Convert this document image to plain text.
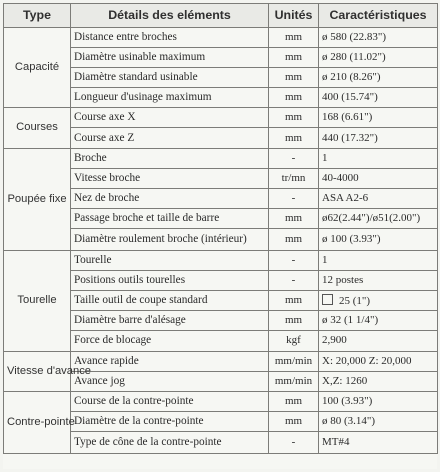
Type	Détails des eléments	Unités	Caractéristiques
Capacité	Distance entre broches	mm	ø 580 (22.83")
	Diamètre usinable maximum	mm	ø 280 (11.02")
	Diamètre standard usinable	mm	ø 210 (8.26")
	Longueur d'usinage maximum	mm	400 (15.74")
Courses	Course axe X	mm	168 (6.61")
	Course axe Z	mm	440 (17.32")
Poupée fixe	Broche	-	1
	Vitesse broche	tr/mn	40-4000
	Nez de broche	-	ASA A2-6
	Passage broche et taille de barre	mm	ø62(2.44")/ø51(2.00")
	Diamètre roulement broche (intérieur)	mm	ø 100 (3.93")
Tourelle	Tourelle	-	1
	Positions outils tourelles	-	12 postes
	Taille outil de coupe standard	mm	25 (1")
	Diamètre barre d'alésage	mm	ø 32 (1 1/4")
	Force de blocage	kgf	2,900
Vitesse d'avance	Avance rapide	mm/min	X: 20,000 Z: 20,000
	Avance jog	mm/min	X,Z: 1260
Contre-pointe	Course de la contre-pointe	mm	100 (3.93")
	Diamètre de la contre-pointe	mm	ø 80 (3.14")
	Type de cône de la contre-pointe	-	MT#4
